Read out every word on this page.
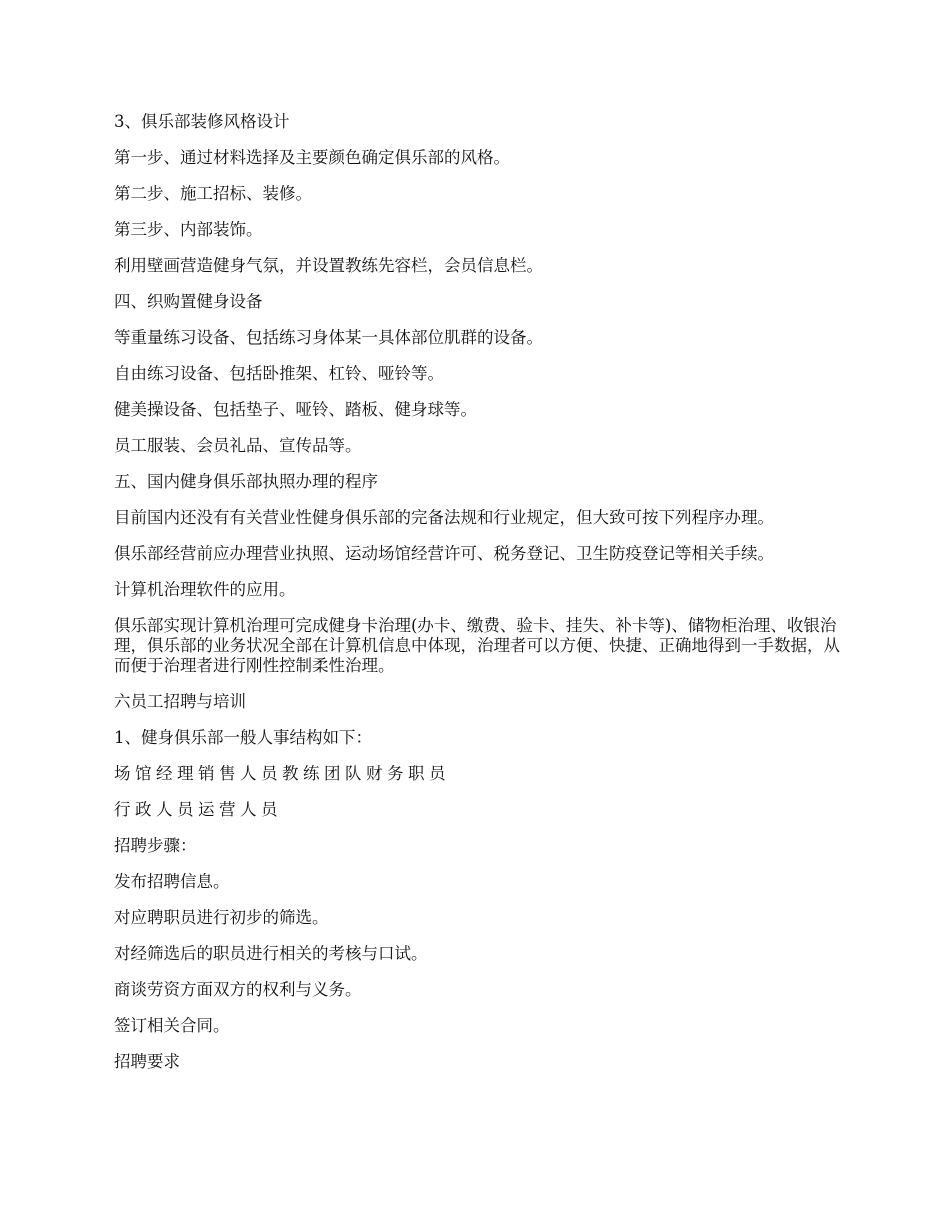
3、俱乐部装修风格设计

第一步、通过材料选择及主要颜色确定俱乐部的风格。

第二步、施工招标、装修。

第三步、内部装饰。

利用壁画营造健身气氛，并设置教练先容栏，会员信息栏。

四、织购置健身设备

等重量练习设备、包括练习身体某一具体部位肌群的设备。

自由练习设备、包括卧推架、杠铃、哑铃等。

健美操设备、包括垫子、哑铃、踏板、健身球等。

员工服装、会员礼品、宣传品等。

五、国内健身俱乐部执照办理的程序

目前国内还没有有关营业性健身俱乐部的完备法规和行业规定，但大致可按下列程序办理。

俱乐部经营前应办理营业执照、运动场馆经营许可、税务登记、卫生防疫登记等相关手续。

计算机治理软件的应用。

俱乐部实现计算机治理可完成健身卡治理(办卡、缴费、验卡、挂失、补卡等)、储物柜治理、收银治理，俱乐部的业务状况全部在计算机信息中体现，治理者可以方便、快捷、正确地得到一手数据，从而便于治理者进行刚性控制柔性治理。

六员工招聘与培训

1、健身俱乐部一般人事结构如下：

场馆经理销售人员教练团队财务职员

行政人员运营人员

招聘步骤：

发布招聘信息。

对应聘职员进行初步的筛选。

对经筛选后的职员进行相关的考核与口试。

商谈劳资方面双方的权利与义务。

签订相关合同。

招聘要求
